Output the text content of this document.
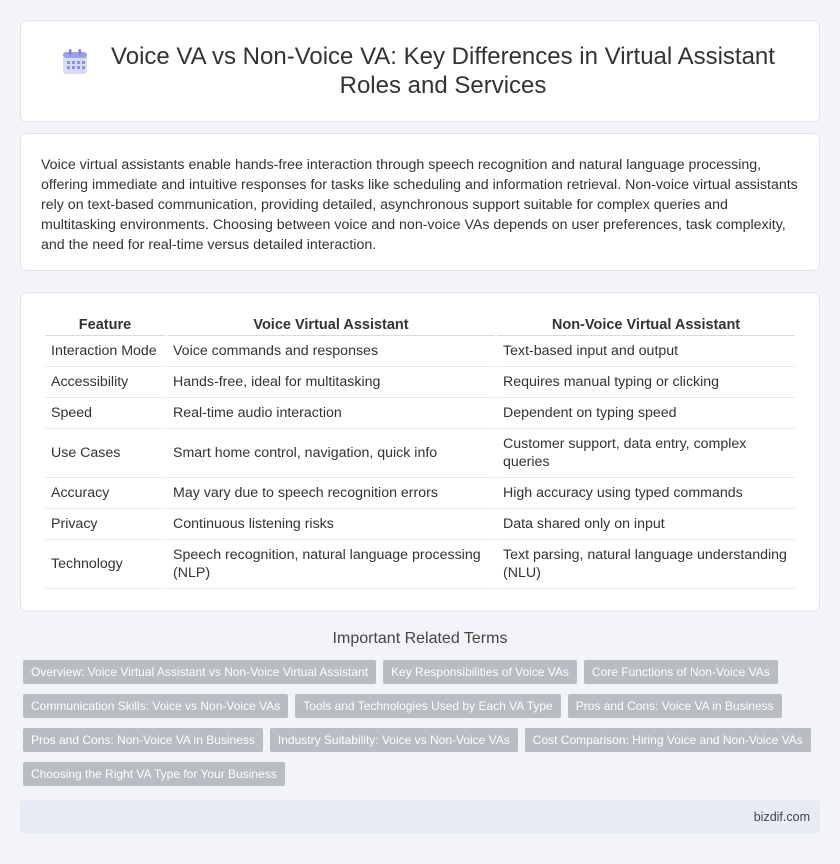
Voice VA vs Non-Voice VA: Key Differences in Virtual Assistant Roles and Services

Voice virtual assistants enable hands-free interaction through speech recognition and natural language processing, offering immediate and intuitive responses for tasks like scheduling and information retrieval. Non-voice virtual assistants rely on text-based communication, providing detailed, asynchronous support suitable for complex queries and multitasking environments. Choosing between voice and non-voice VAs depends on user preferences, task complexity, and the need for real-time versus detailed interaction.

Feature	Voice Virtual Assistant	Non-Voice Virtual Assistant
Interaction Mode	Voice commands and responses	Text-based input and output
Accessibility	Hands-free, ideal for multitasking	Requires manual typing or clicking
Speed	Real-time audio interaction	Dependent on typing speed
Use Cases	Smart home control, navigation, quick info	Customer support, data entry, complex queries
Accuracy	May vary due to speech recognition errors	High accuracy using typed commands
Privacy	Continuous listening risks	Data shared only on input
Technology	Speech recognition, natural language processing (NLP)	Text parsing, natural language understanding (NLU)
Important Related Terms
Overview: Voice Virtual Assistant vs Non-Voice Virtual Assistant	Key Responsibilities of Voice VAs	Core Functions of Non-Voice VAs
Communication Skills: Voice vs Non-Voice VAs	Tools and Technologies Used by Each VA Type	Pros and Cons: Voice VA in Business
Pros and Cons: Non-Voice VA in Business	Industry Suitability: Voice vs Non-Voice VAs	Cost Comparison: Hiring Voice and Non-Voice VAs
Choosing the Right VA Type for Your Business
bizdif.com
